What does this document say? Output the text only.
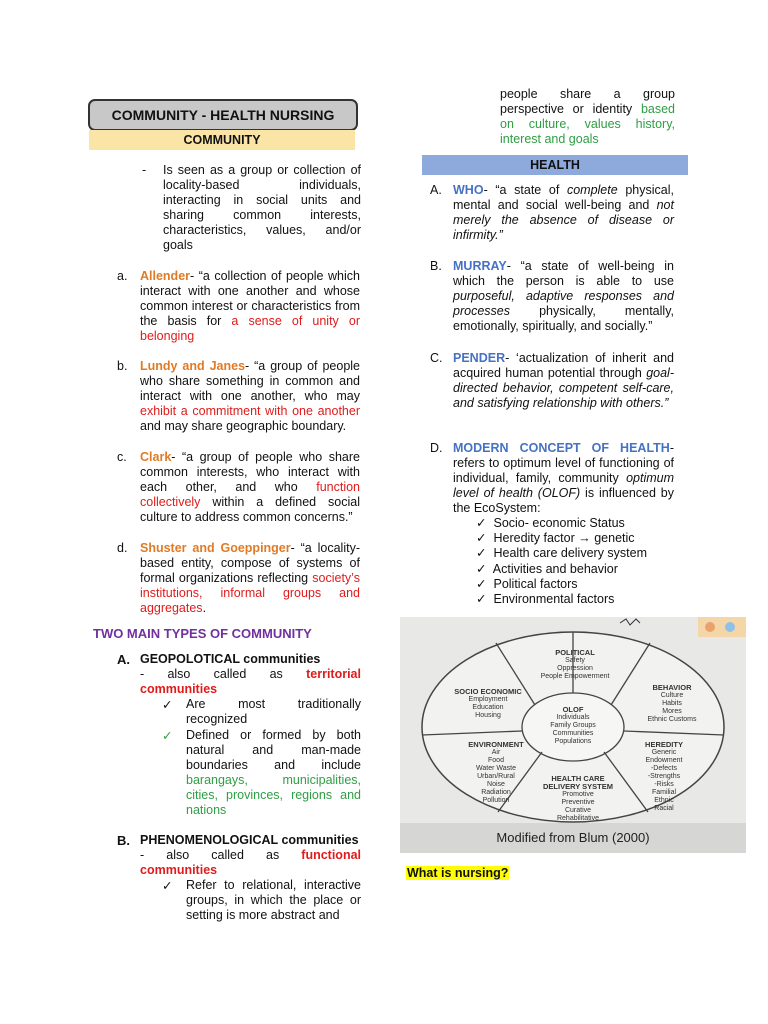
COMMUNITY - HEALTH NURSING
COMMUNITY
- Is seen as a group or collection of locality-based individuals, interacting in social units and sharing common interests, characteristics, values, and/or goals
a. Allender- “a collection of people which interact with one another and whose common interest or characteristics from the basis for a sense of unity or belonging
b. Lundy and Janes- “a group of people who share something in common and interact with one another, who may exhibit a commitment with one another and may share geographic boundary.
c. Clark- “a group of people who share common interests, who interact with each other, and who function collectively within a defined social culture to address common concerns.”
d. Shuster and Goeppinger- “a locality-based entity, compose of systems of formal organizations reflecting society’s institutions, informal groups and aggregates.
TWO MAIN TYPES OF COMMUNITY
A. GEOPOLOTICAL communities
- also called as territorial communities
✓ Are most traditionally recognized
✓ Defined or formed by both natural and man-made boundaries and include barangays, municipalities, cities, provinces, regions and nations
B. PHENOMENOLOGICAL communities
- also called as functional communities
✓ Refer to relational, interactive groups, in which the place or setting is more abstract and
people share a group perspective or identity based on culture, values history, interest and goals
HEALTH
A. WHO- “a state of complete physical, mental and social well-being and not merely the absence of disease or infirmity.”
B. MURRAY- “a state of well-being in which the person is able to use purposeful, adaptive responses and processes physically, mentally, emotionally, spiritually, and socially.”
C. PENDER- ‘actualization of inherit and acquired human potential through goal-directed behavior, competent self-care, and satisfying relationship with others.”
D. MODERN CONCEPT OF HEALTH- refers to optimum level of functioning of individual, family, community optimum level of health (OLOF) is influenced by the EcoSystem:
✓ Socio- economic Status
✓ Heredity factor → genetic
✓ Health care delivery system
✓ Activities and behavior
✓ Political factors
✓ Environmental factors
POLITICAL
Safety
Oppression
People Empowerment
SOCIO ECONOMIC
Employment
Education
Housing
BEHAVIOR
Culture
Habits
Mores
Ethnic Customs
OLOF
Individuals
Family Groups
Communities
Populations
ENVIRONMENT
Air
Food
Water Waste
Urban/Rural
Noise
Radiation
Pollution
HEREDITY
Generic
Endowment
-Defects
-Strengths
-Risks
Familial
Ethnic
Racial
HEALTH CARE
DELIVERY SYSTEM
Promotive
Preventive
Curative
Rehabilitative
Modified from Blum (2000)
What is nursing?
